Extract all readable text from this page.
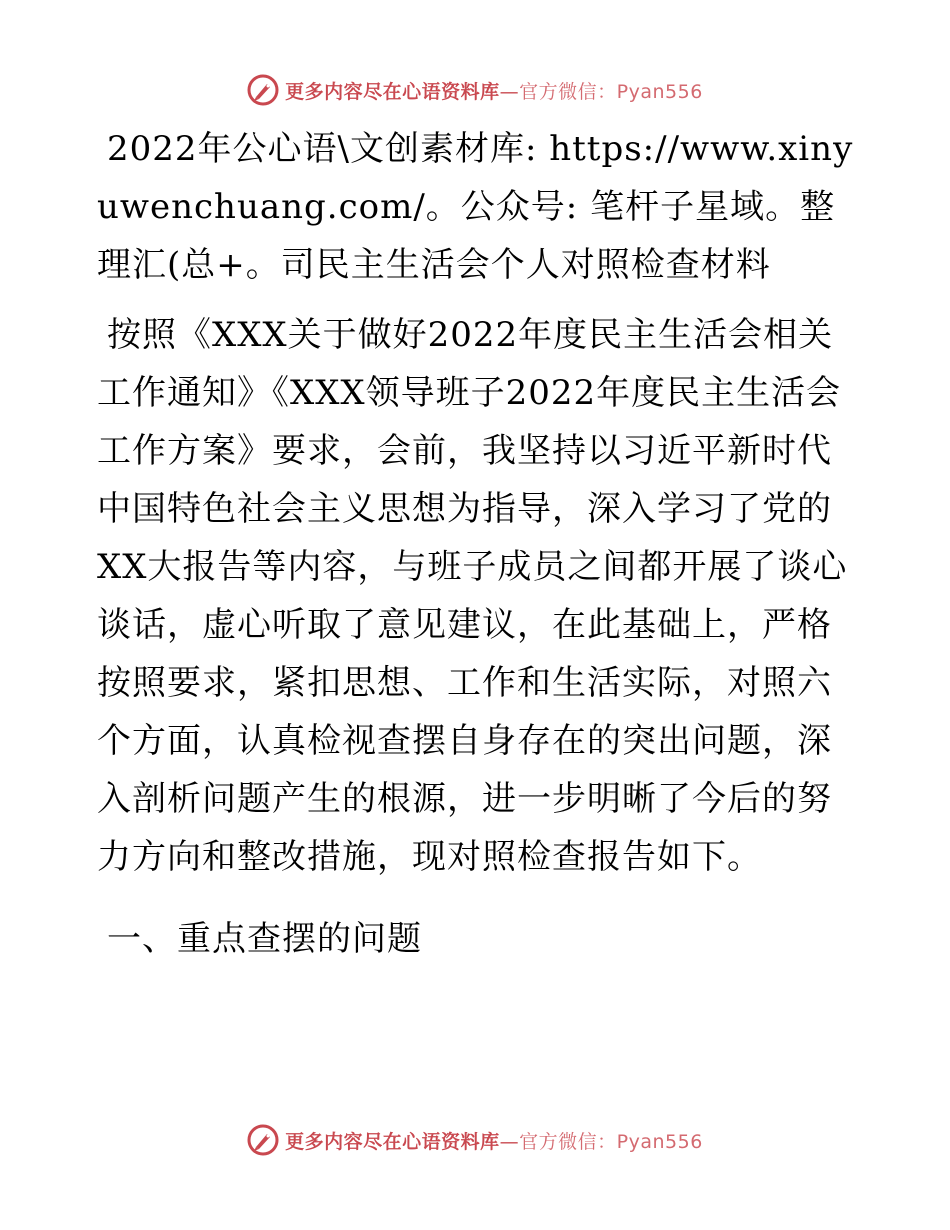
更多内容尽在心语资料库—官方微信：Pyan556

2022年公心语\文创素材库: https://www.xinyuwenchuang.com/。公众号: 笔杆子星域。整理汇(总+。司民主生活会个人对照检查材料

按照《XXX关于做好2022年度民主生活会相关工作通知》《XXX领导班子2022年度民主生活会工作方案》要求，会前，我坚持以习近平新时代中国特色社会主义思想为指导，深入学习了党的XX大报告等内容，与班子成员之间都开展了谈心谈话，虚心听取了意见建议，在此基础上，严格按照要求，紧扣思想、工作和生活实际，对照六个方面，认真检视查摆自身存在的突出问题，深入剖析问题产生的根源，进一步明晰了今后的努力方向和整改措施，现对照检查报告如下。

一、重点查摆的问题

更多内容尽在心语资料库—官方微信：Pyan556
